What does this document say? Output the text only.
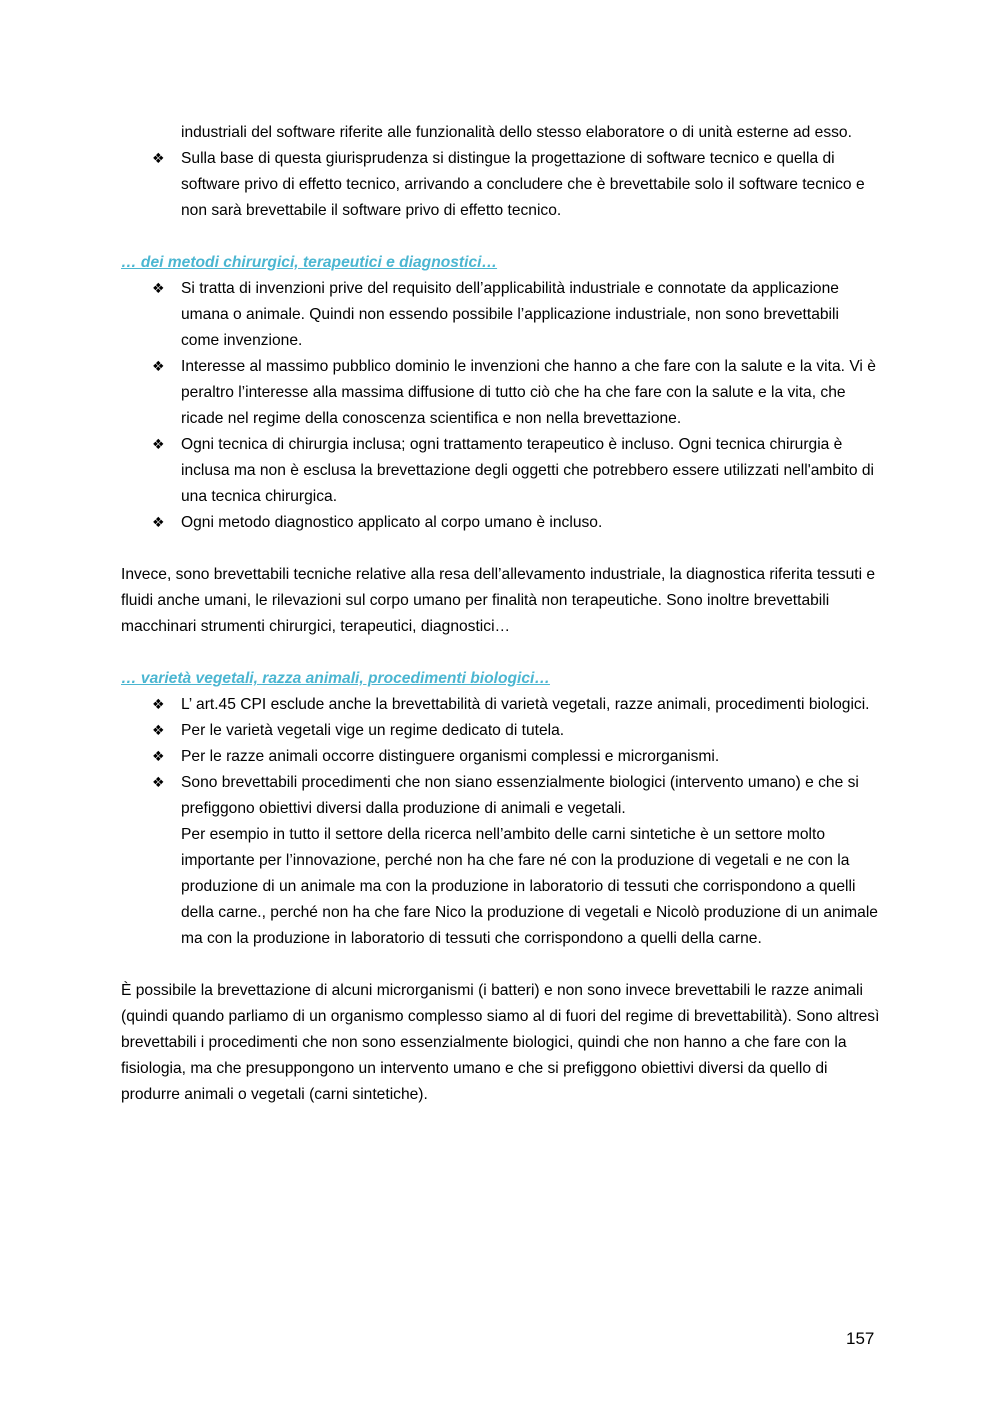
industriali del software riferite alle funzionalità dello stesso elaboratore o di unità esterne ad esso.

❖ Sulla base di questa giurisprudenza si distingue la progettazione di software tecnico e quella di software privo di effetto tecnico, arrivando a concludere che è brevettabile solo il software tecnico e non sarà brevettabile il software privo di effetto tecnico.

… dei metodi chirurgici, terapeutici e diagnostici…

❖ Si tratta di invenzioni prive del requisito dell’applicabilità industriale e connotate da applicazione umana o animale. Quindi non essendo possibile l’applicazione industriale, non sono brevettabili come invenzione.
❖ Interesse al massimo pubblico dominio le invenzioni che hanno a che fare con la salute e la vita. Vi è peraltro l’interesse alla massima diffusione di tutto ciò che ha che fare con la salute e la vita, che ricade nel regime della conoscenza scientifica e non nella brevettazione.
❖ Ogni tecnica di chirurgia inclusa; ogni trattamento terapeutico è incluso. Ogni tecnica chirurgia è inclusa ma non è esclusa la brevettazione degli oggetti che potrebbero essere utilizzati nell'ambito di una tecnica chirurgica.
❖ Ogni metodo diagnostico applicato al corpo umano è incluso.

Invece, sono brevettabili tecniche relative alla resa dell’allevamento industriale, la diagnostica riferita tessuti e fluidi anche umani, le rilevazioni sul corpo umano per finalità non terapeutiche. Sono inoltre brevettabili macchinari strumenti chirurgici, terapeutici, diagnostici…

… varietà vegetali, razza animali, procedimenti biologici…

❖ L’ art.45 CPI esclude anche la brevettabilità di varietà vegetali, razze animali, procedimenti biologici.
❖ Per le varietà vegetali vige un regime dedicato di tutela.
❖ Per le razze animali occorre distinguere organismi complessi e microrganismi.
❖ Sono brevettabili procedimenti che non siano essenzialmente biologici (intervento umano) e che si prefiggono obiettivi diversi dalla produzione di animali e vegetali.

Per esempio in tutto il settore della ricerca nell’ambito delle carni sintetiche è un settore molto importante per l’innovazione, perché non ha che fare né con la produzione di vegetali e ne con la produzione di un animale ma con la produzione in laboratorio di tessuti che corrispondono a quelli della carne., perché non ha che fare Nico la produzione di vegetali e Nicolò produzione di un animale ma con la produzione in laboratorio di tessuti che corrispondono a quelli della carne.

È possibile la brevettazione di alcuni microrganismi (i batteri) e non sono invece brevettabili le razze animali (quindi quando parliamo di un organismo complesso siamo al di fuori del regime di brevettabilità). Sono altresì brevettabili i procedimenti che non sono essenzialmente biologici, quindi che non hanno a che fare con la fisiologia, ma che presuppongono un intervento umano e che si prefiggono obiettivi diversi da quello di produrre animali o vegetali (carni sintetiche).

157
